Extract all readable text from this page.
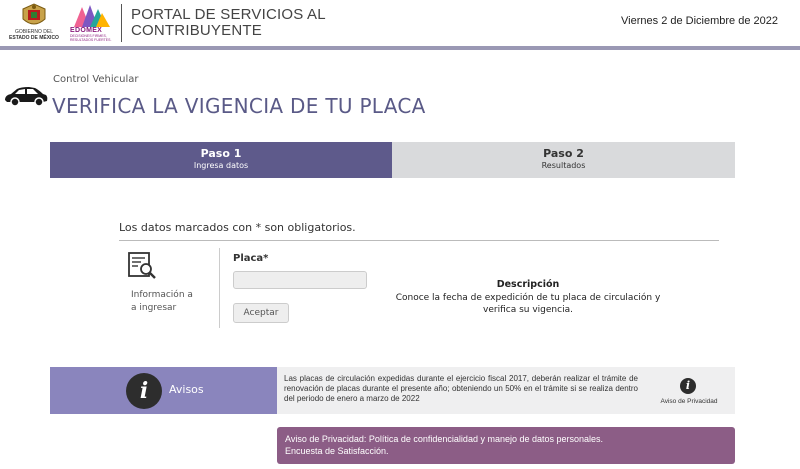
GOBIERNO DEL
ESTADO DE MÉXICO
EDOMEX
DECISIONES FIRMES, RESULTADOS FUERTES.
PORTAL DE SERVICIOS AL
CONTRIBUYENTE
Viernes 2 de Diciembre de 2022
Control Vehicular
VERIFICA LA VIGENCIA DE TU PLACA
Paso 1
Ingresa datos
Paso 2
Resultados
Los datos marcados con * son obligatorios.
Información a
a ingresar
Placa*
Aceptar
Descripción
Conoce la fecha de expedición de tu placa de circulación y verifica su vigencia.
i	Avisos
Las placas de circulación expedidas durante el ejercicio fiscal 2017, deberán realizar el trámite de renovación de placas durante el presente año; obteniendo un 50% en el trámite si se realiza dentro del periodo de enero a marzo de 2022
i
Aviso de Privacidad
Aviso de Privacidad: Política de confidencialidad y manejo de datos personales.
Encuesta de Satisfacción.
